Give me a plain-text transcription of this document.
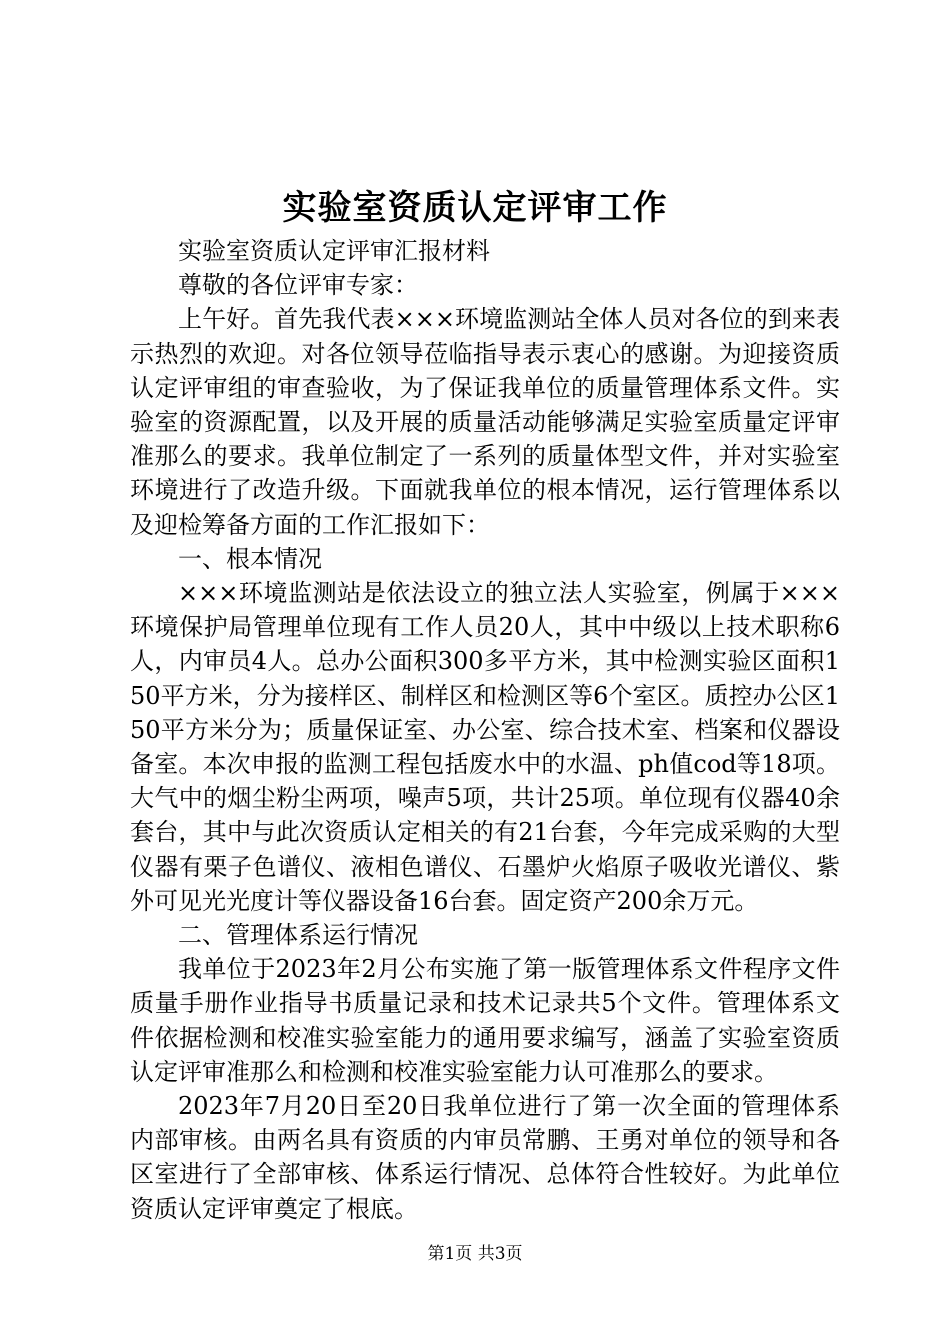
实验室资质认定评审工作

实验室资质认定评审汇报材料

尊敬的各位评审专家：

上午好。首先我代表×××环境监测站全体人员对各位的到来表示热烈的欢迎。对各位领导莅临指导表示衷心的感谢。为迎接资质认定评审组的审查验收，为了保证我单位的质量管理体系文件。实验室的资源配置，以及开展的质量活动能够满足实验室质量定评审准那么的要求。我单位制定了一系列的质量体型文件，并对实验室环境进行了改造升级。下面就我单位的根本情况，运行管理体系以及迎检筹备方面的工作汇报如下：

一、根本情况

×××环境监测站是依法设立的独立法人实验室，例属于×××环境保护局管理单位现有工作人员20人，其中中级以上技术职称6人，内审员4人。总办公面积300多平方米，其中检测实验区面积150平方米，分为接样区、制样区和检测区等6个室区。质控办公区150平方米分为；质量保证室、办公室、综合技术室、档案和仪器设备室。本次申报的监测工程包括废水中的水温、ph值cod等18项。大气中的烟尘粉尘两项，噪声5项，共计25项。单位现有仪器40余套台，其中与此次资质认定相关的有21台套，今年完成采购的大型仪器有栗子色谱仪、液相色谱仪、石墨炉火焰原子吸收光谱仪、紫外可见光光度计等仪器设备16台套。固定资产200余万元。

二、管理体系运行情况

我单位于2023年2月公布实施了第一版管理体系文件程序文件质量手册作业指导书质量记录和技术记录共5个文件。管理体系文件依据检测和校准实验室能力的通用要求编写，涵盖了实验室资质认定评审准那么和检测和校准实验室能力认可准那么的要求。

2023年7月20日至20日我单位进行了第一次全面的管理体系内部审核。由两名具有资质的内审员常鹏、王勇对单位的领导和各区室进行了全部审核、体系运行情况、总体符合性较好。为此单位资质认定评审奠定了根底。

第1页 共3页
